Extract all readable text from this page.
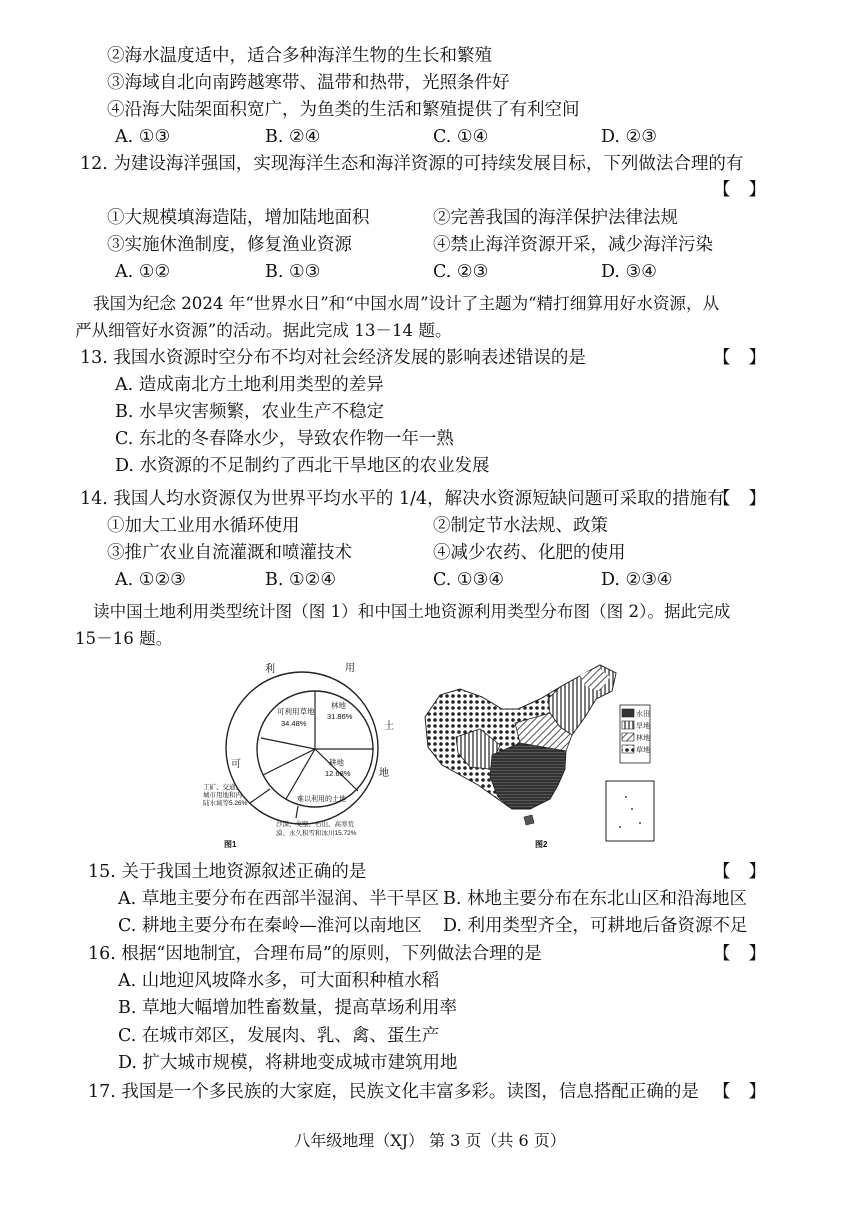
②海水温度适中，适合多种海洋生物的生长和繁殖
③海域自北向南跨越寒带、温带和热带，光照条件好
④沿海大陆架面积宽广，为鱼类的生活和繁殖提供了有利空间
A. ①③	B. ②④	C. ①④	D. ②③
12. 为建设海洋强国，实现海洋生态和海洋资源的可持续发展目标，下列做法合理的有
【】
①大规模填海造陆，增加陆地面积	②完善我国的海洋保护法律法规
③实施休渔制度，修复渔业资源	④禁止海洋资源开采，减少海洋污染
A. ①②	B. ①③	C. ②③	D. ③④
我国为纪念 2024 年“世界水日”和“中国水周”设计了主题为“精打细算用好水资源，从
严从细管好水资源”的活动。据此完成 13－14 题。
13. 我国水资源时空分布不均对社会经济发展的影响表述错误的是	【】
A. 造成南北方土地利用类型的差异
B. 水旱灾害频繁，农业生产不稳定
C. 东北的冬春降水少，导致农作物一年一熟
D. 水资源的不足制约了西北干旱地区的农业发展
14. 我国人均水资源仅为世界平均水平的 1/4，解决水资源短缺问题可采取的措施有
【】
①加大工业用水循环使用	②制定节水法规、政策
③推广农业自流灌溉和喷灌技术	④减少农药、化肥的使用
A. ①②③	B. ①②④	C. ①③④	D. ②③④
读中国土地利用类型统计图（图 1）和中国土地资源利用类型分布图（图 2）。据此完成
15－16 题。
利	用
土
地
可
可利用草地
34.48%
林地
31.86%
耕地
12.68%
工矿、交通、
城市用地和内
陆水域等5.26%
难以利用的土地
沙漠、戈壁、石山、高寒荒
漠、永久积雪和冰川15.72%
图1
水田
旱地
林地
草地
图2
15. 关于我国土地资源叙述正确的是	【】
A. 草地主要分布在西部半湿润、半干旱区 B. 林地主要分布在东北山区和沿海地区
C. 耕地主要分布在秦岭—淮河以南地区 D. 利用类型齐全，可耕地后备资源不足
16. 根据“因地制宜，合理布局”的原则，下列做法合理的是	【】
A. 山地迎风坡降水多，可大面积种植水稻
B. 草地大幅增加牲畜数量，提高草场利用率
C. 在城市郊区，发展肉、乳、禽、蛋生产
D. 扩大城市规模，将耕地变成城市建筑用地
17. 我国是一个多民族的大家庭，民族文化丰富多彩。读图，信息搭配正确的是 【】
八年级地理（XJ） 第 3 页（共 6 页）
